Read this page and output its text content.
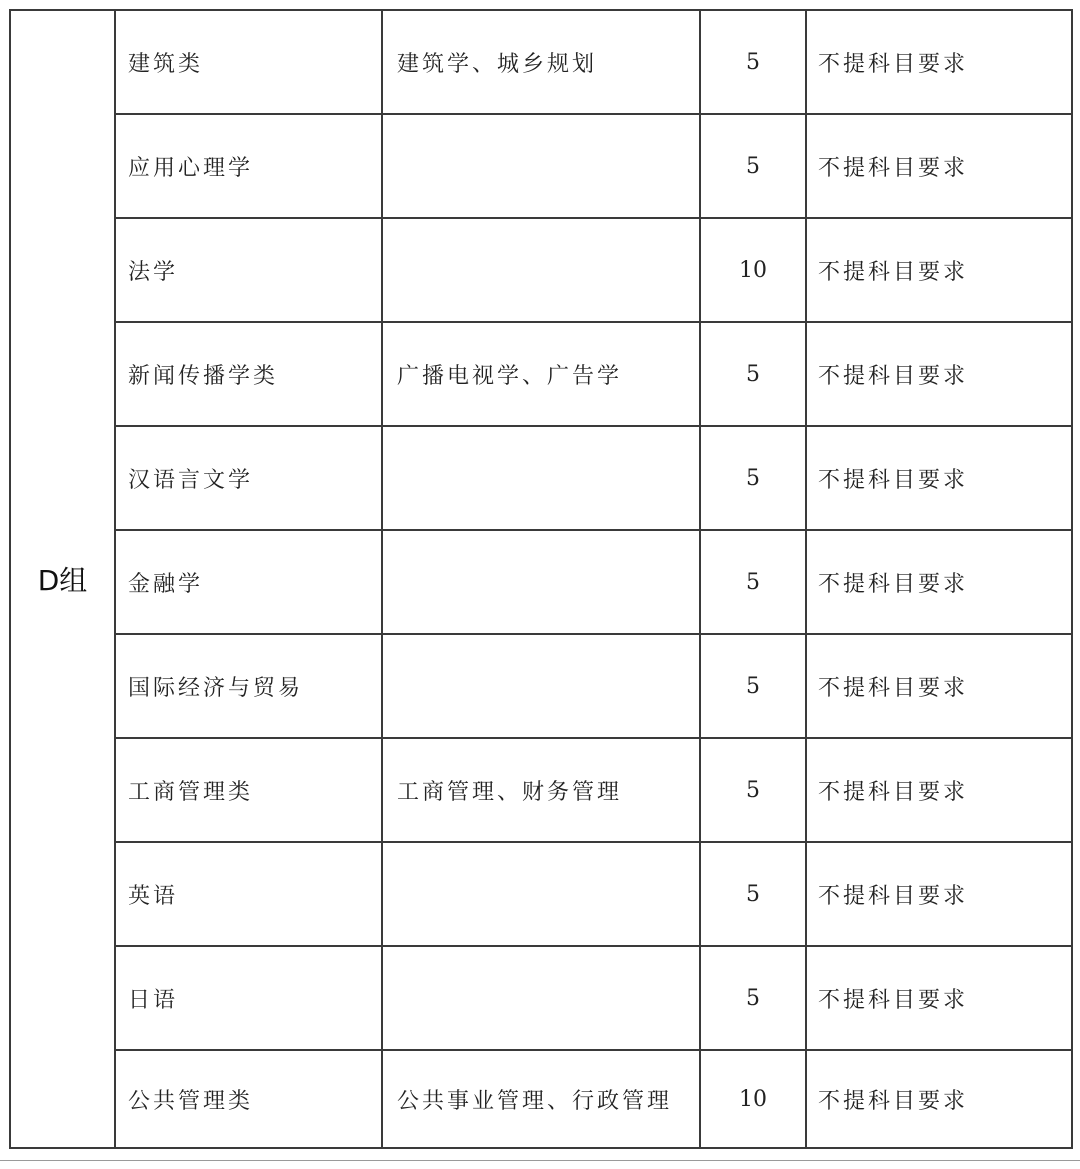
D组	建筑类	建筑学、城乡规划	5	不提科目要求
	应用心理学		5	不提科目要求
	法学		10	不提科目要求
	新闻传播学类	广播电视学、广告学	5	不提科目要求
	汉语言文学		5	不提科目要求
	金融学		5	不提科目要求
	国际经济与贸易		5	不提科目要求
	工商管理类	工商管理、财务管理	5	不提科目要求
	英语		5	不提科目要求
	日语		5	不提科目要求
	公共管理类	公共事业管理、行政管理	10	不提科目要求
